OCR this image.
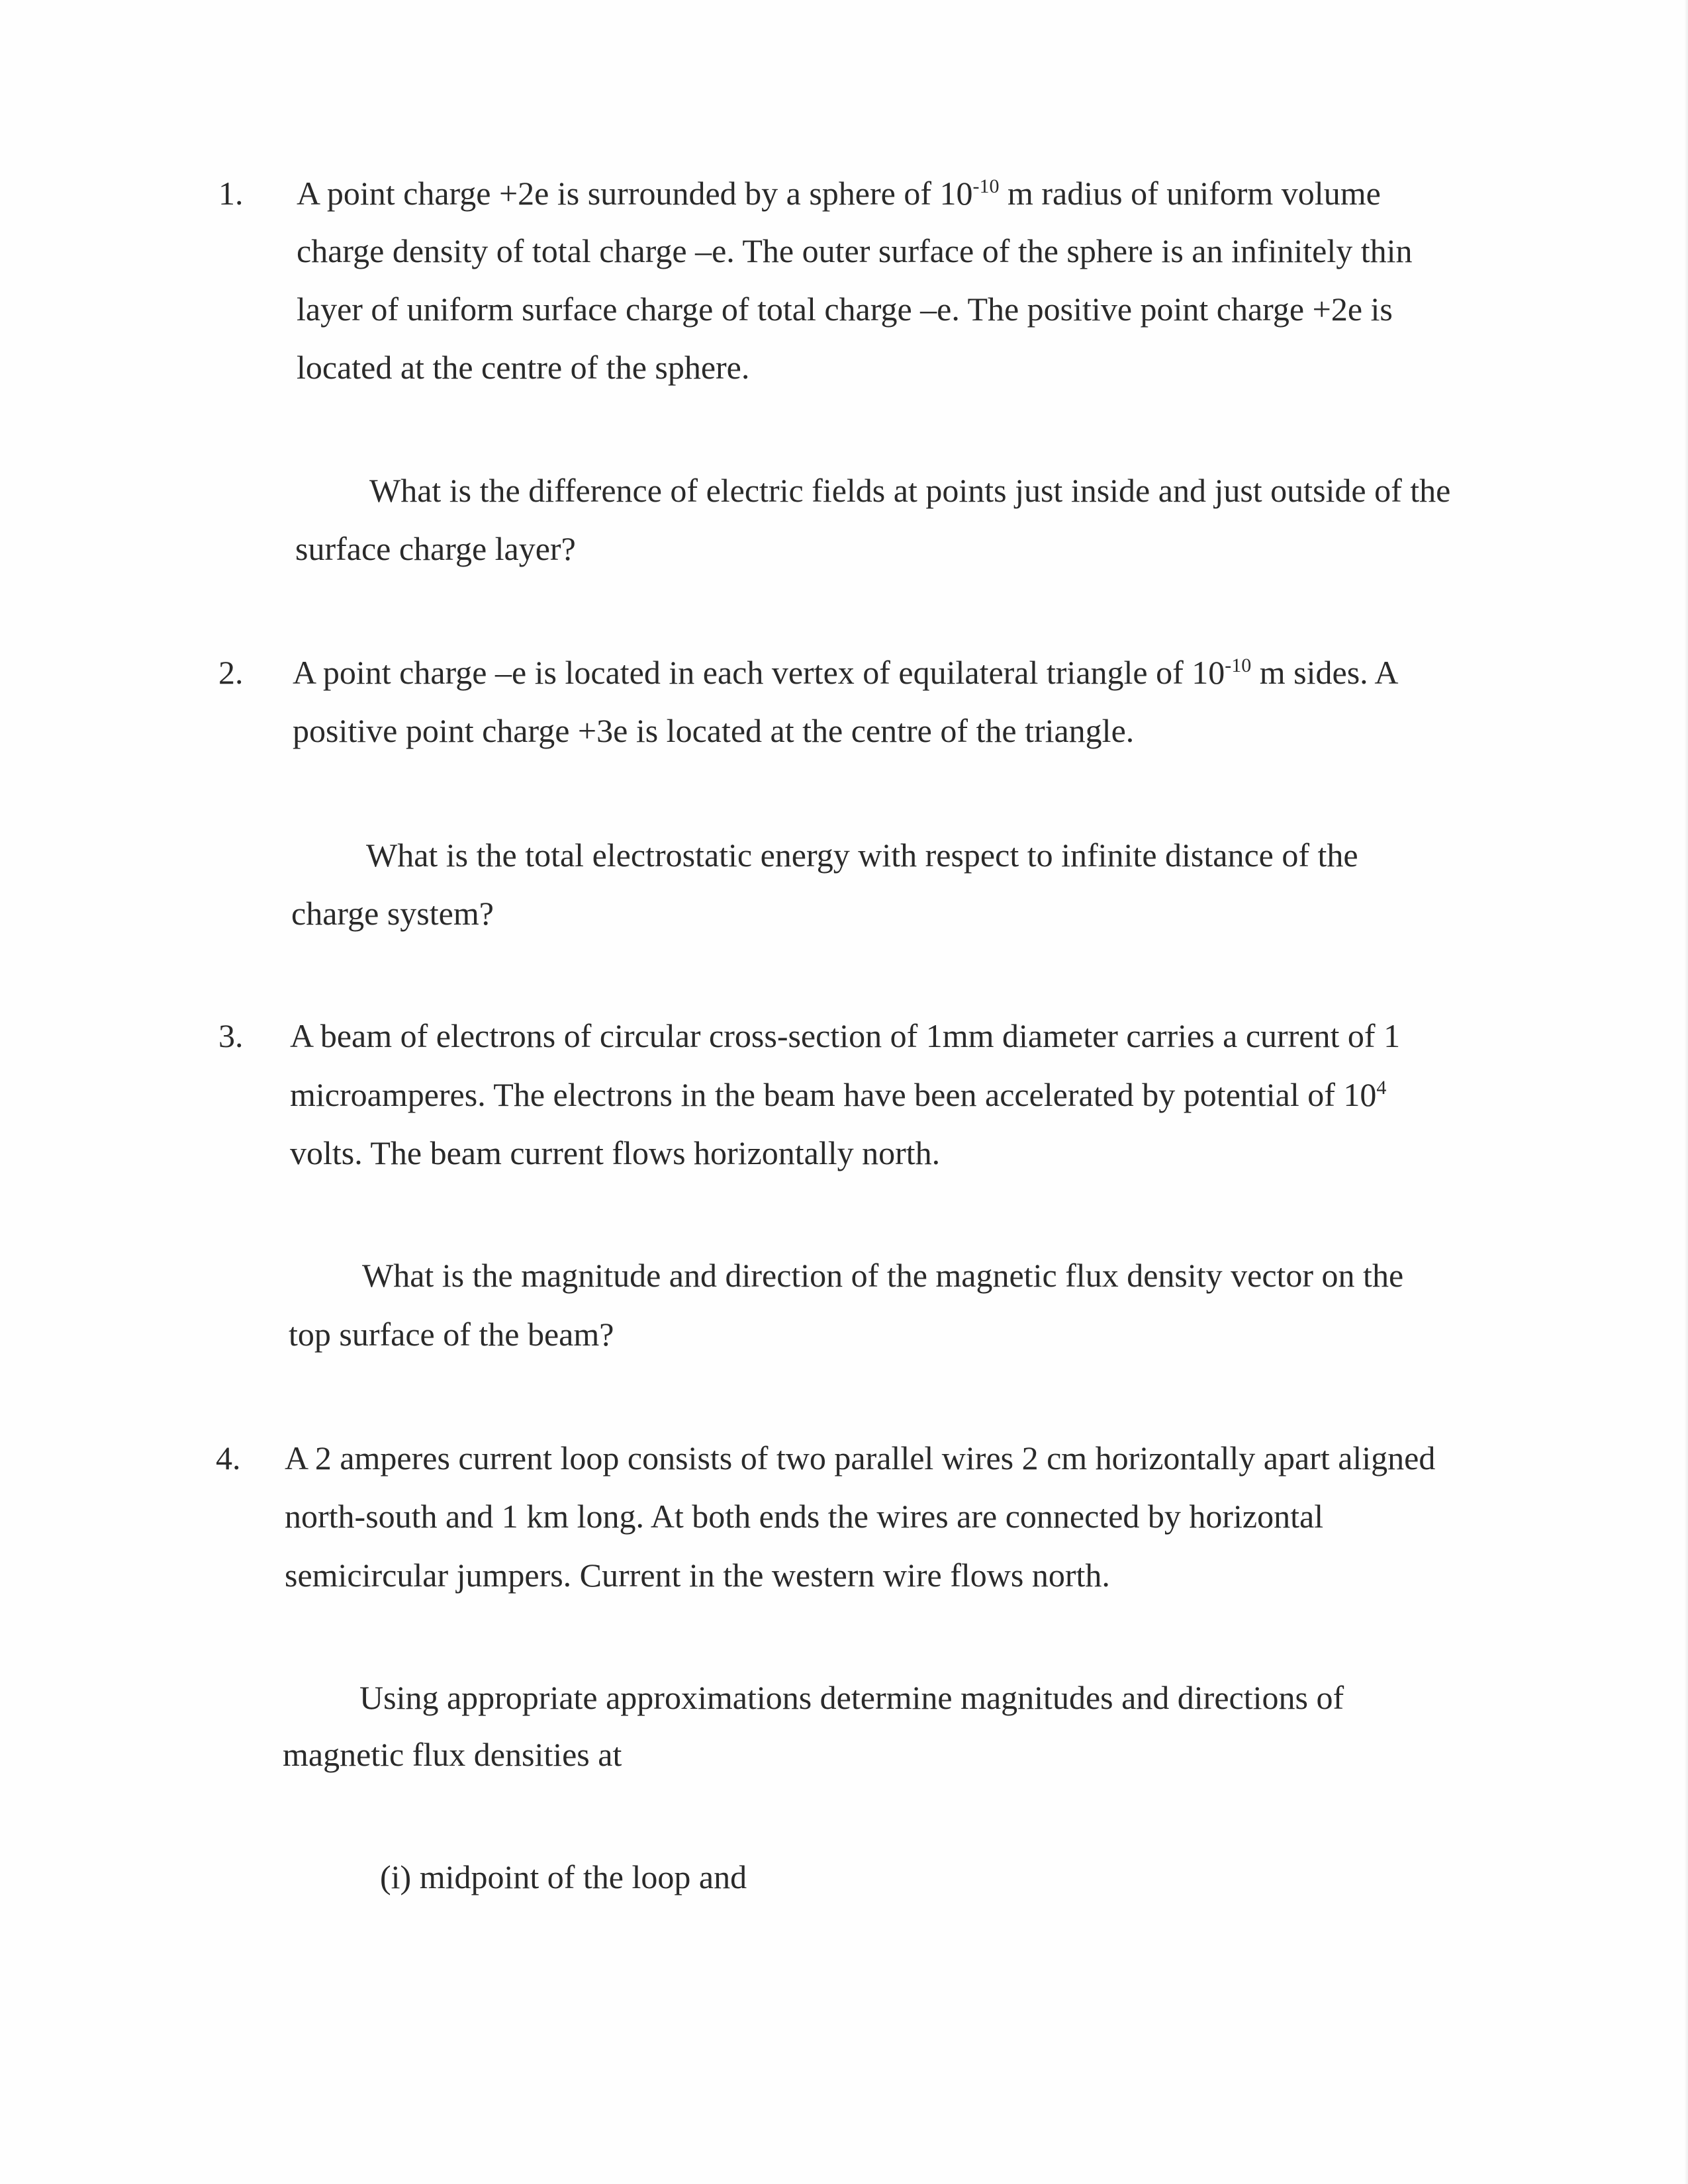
1. A point charge +2e is surrounded by a sphere of $10^{-10}$ m radius of uniform volume
charge density of total charge –e. The outer surface of the sphere is an infinitely thin
layer of uniform surface charge of total charge –e. The positive point charge +2e is
located at the centre of the sphere.
What is the difference of electric fields at points just inside and just outside of the
surface charge layer?
2. A point charge –e is located in each vertex of equilateral triangle of $10^{-10}$ m sides. A
positive point charge +3e is located at the centre of the triangle.
What is the total electrostatic energy with respect to infinite distance of the
charge system?
3. A beam of electrons of circular cross-section of 1mm diameter carries a current of 1
microamperes. The electrons in the beam have been accelerated by potential of $10^4$
volts. The beam current flows horizontally north.
What is the magnitude and direction of the magnetic flux density vector on the
top surface of the beam?
4. A 2 amperes current loop consists of two parallel wires 2 cm horizontally apart aligned
north-south and 1 km long. At both ends the wires are connected by horizontal
semicircular jumpers. Current in the western wire flows north.
Using appropriate approximations determine magnitudes and directions of
magnetic flux densities at
(i) midpoint of the loop and
